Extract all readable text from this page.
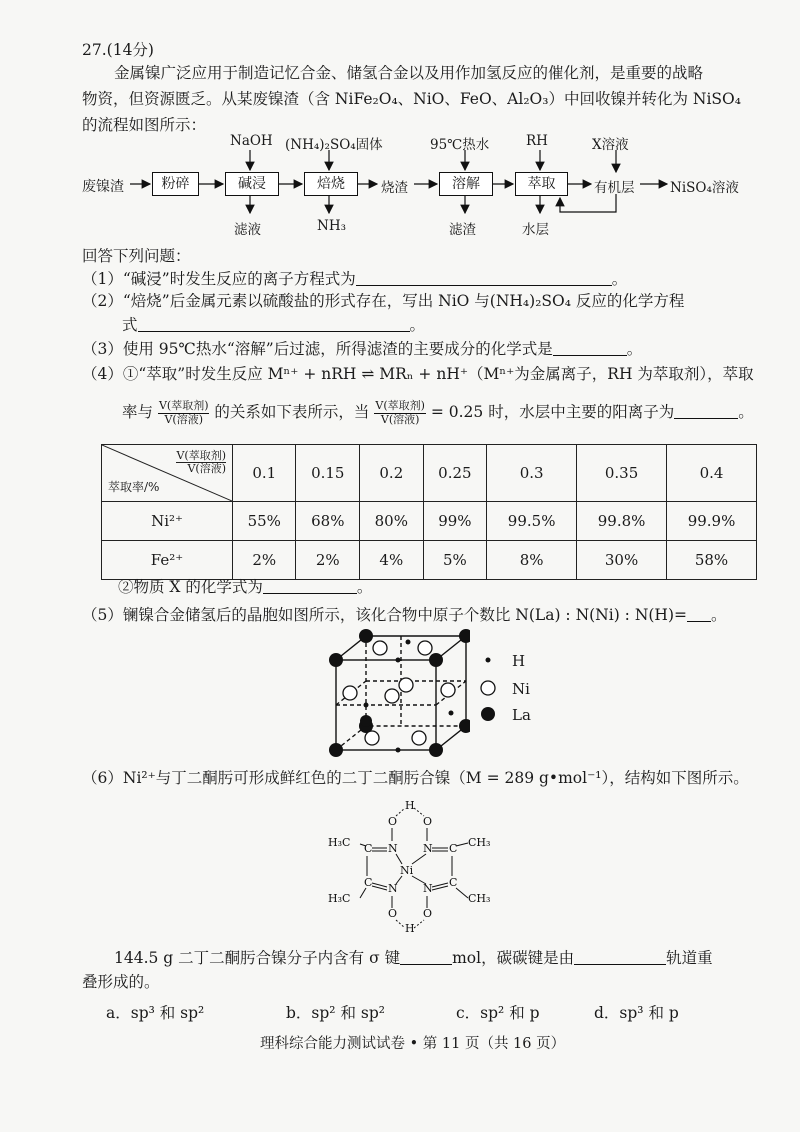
27.(14分)
金属镍广泛应用于制造记忆合金、储氢合金以及用作加氢反应的催化剂，是重要的战略
物资，但资源匮乏。从某废镍渣（含 NiFe₂O₄、NiO、FeO、Al₂O₃）中回收镍并转化为 NiSO₄
的流程如图所示：
废镍渣	粉碎	碱浸	焙烧	烧渣	溶解	萃取	有机层	NiSO₄溶液
NaOH (NH₄)₂SO₄固体	95℃热水	RH	X溶液
滤液	NH₃	滤渣	水层
回答下列问题：
（1）“碱浸”时发生反应的离子方程式为	。
（2）“焙烧”后金属元素以硫酸盐的形式存在，写出 NiO 与(NH₄)₂SO₄ 反应的化学方程
式	。
（3）使用 95℃热水“溶解”后过滤，所得滤渣的主要成分的化学式是	。
（4）①“萃取”时发生反应 Mⁿ⁺ + nRH ⇌ MRₙ + nH⁺（Mⁿ⁺为金属离子，RH 为萃取剂），萃取
率与 $\frac{\text{V(萃取剂)}}{\text{V(溶液)}}$ 的关系如下表所示，当 $\frac{\text{V(萃取剂)}}{\text{V(溶液)}} = 0.25$ 时，水层中主要的阳离子为	。
V(萃取剂)
V(溶液)
萃取率/%	0.1	0.15	0.2	0.25	0.3	0.35	0.4
Ni²⁺	55%	68%	80%	99%	99.5%	99.8%	99.9%
Fe²⁺	2%	2%	4%	5%	8%	30%	58%
②物质 X 的化学式为	。
（5）镧镍合金储氢后的晶胞如图所示，该化合物中原子个数比 N(La) : N(Ni) : N(H)= 。
H
Ni
La
（6）Ni²⁺与丁二酮肟可形成鲜红色的二丁二酮肟合镍（M = 289 g•mol⁻¹），结构如下图所示。
H
O O
N N
C	C
Ni
C	C
N N
O O
H
H₃C	CH₃
H₃C	CH₃
144.5 g 二丁二酮肟合镍分子内含有 σ 键	mol，碳碳键是由	轨道重
叠形成的。
a．sp³ 和 sp²	b．sp² 和 sp²	c．sp² 和 p	d．sp³ 和 p
理科综合能力测试试卷 • 第 11 页（共 16 页）
